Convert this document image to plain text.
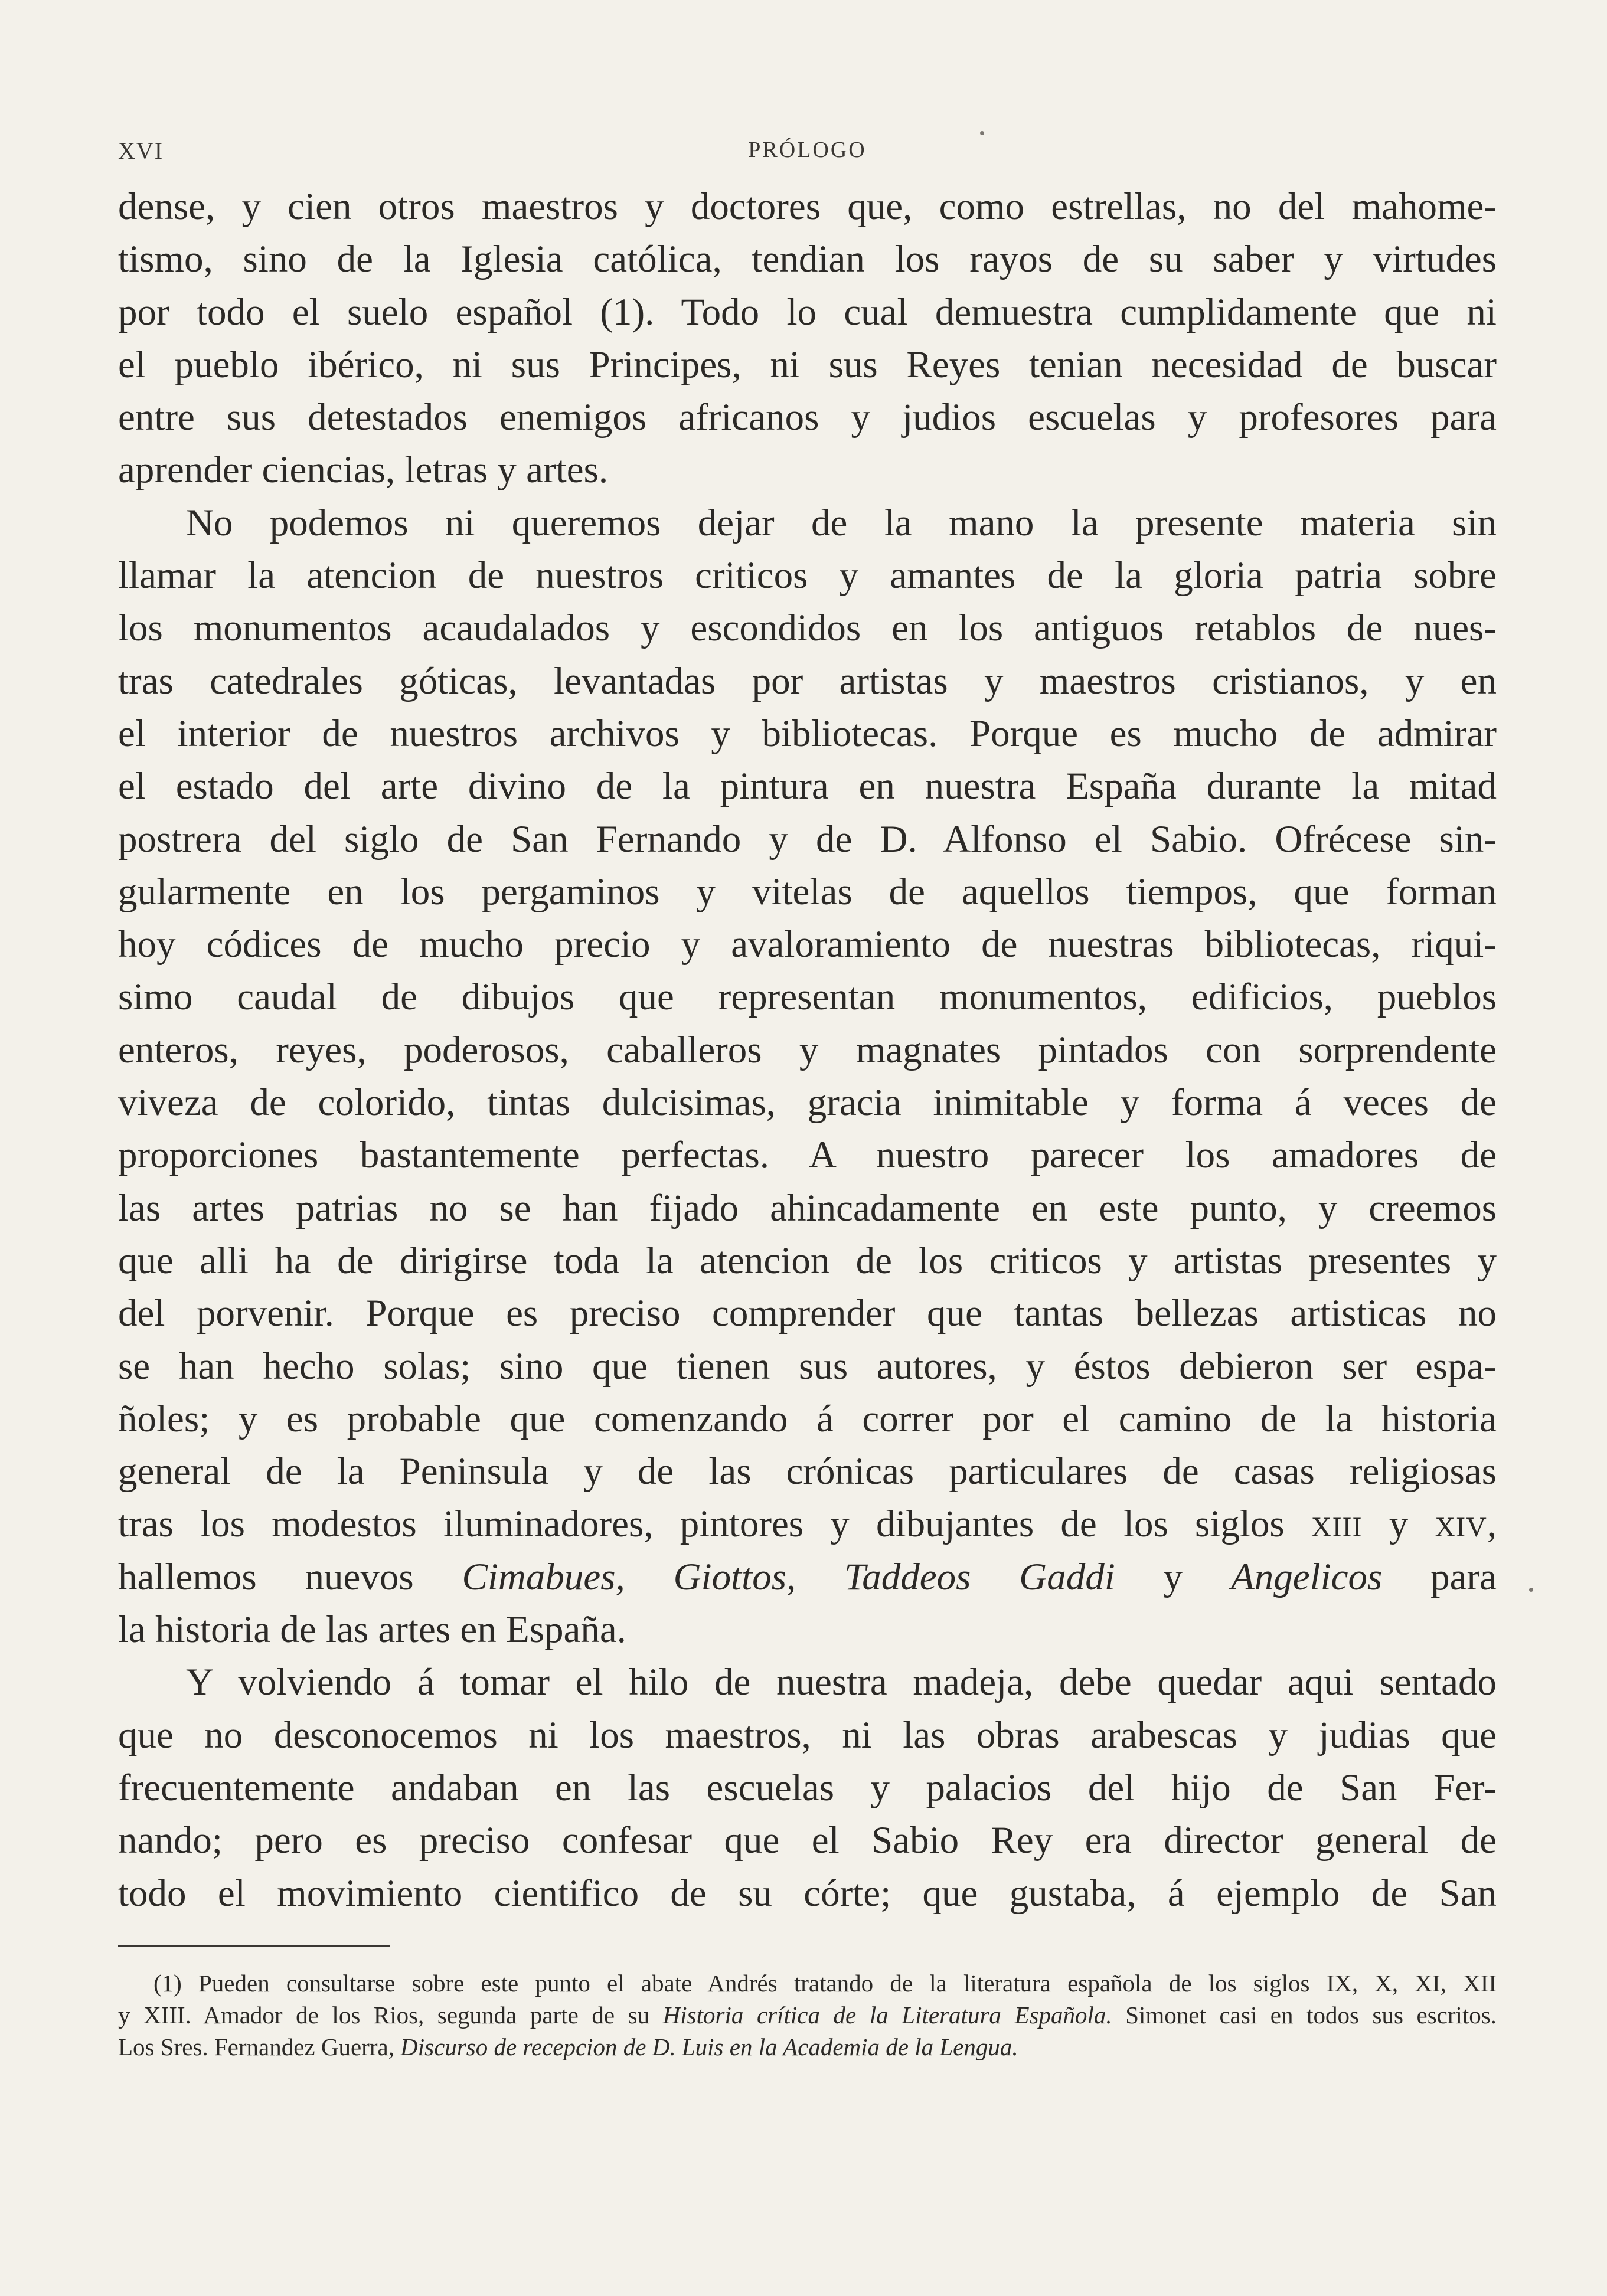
XVI	PRÓLOGO
dense, y cien otros maestros y doctores que, como estrellas, no del mahome-
tismo, sino de la Iglesia católica, tendian los rayos de su saber y virtudes
por todo el suelo español (1). Todo lo cual demuestra cumplidamente que ni
el pueblo ibérico, ni sus Principes, ni sus Reyes tenian necesidad de buscar
entre sus detestados enemigos africanos y judios escuelas y profesores para
aprender ciencias, letras y artes.
No podemos ni queremos dejar de la mano la presente materia sin
llamar la atencion de nuestros criticos y amantes de la gloria patria sobre
los monumentos acaudalados y escondidos en los antiguos retablos de nues-
tras catedrales góticas, levantadas por artistas y maestros cristianos, y en
el interior de nuestros archivos y bibliotecas. Porque es mucho de admirar
el estado del arte divino de la pintura en nuestra España durante la mitad
postrera del siglo de San Fernando y de D. Alfonso el Sabio. Ofrécese sin-
gularmente en los pergaminos y vitelas de aquellos tiempos, que forman
hoy códices de mucho precio y avaloramiento de nuestras bibliotecas, riqui-
simo caudal de dibujos que representan monumentos, edificios, pueblos
enteros, reyes, poderosos, caballeros y magnates pintados con sorprendente
viveza de colorido, tintas dulcisimas, gracia inimitable y forma á veces de
proporciones bastantemente perfectas. A nuestro parecer los amadores de
las artes patrias no se han fijado ahincadamente en este punto, y creemos
que alli ha de dirigirse toda la atencion de los criticos y artistas presentes y
del porvenir. Porque es preciso comprender que tantas bellezas artisticas no
se han hecho solas; sino que tienen sus autores, y éstos debieron ser espa-
ñoles; y es probable que comenzando á correr por el camino de la historia
general de la Peninsula y de las crónicas particulares de casas religiosas
tras los modestos iluminadores, pintores y dibujantes de los siglos XIII y XIV,
hallemos nuevos Cimabues, Giottos, Taddeos Gaddi y Angelicos para
la historia de las artes en España.
Y volviendo á tomar el hilo de nuestra madeja, debe quedar aqui sentado
que no desconocemos ni los maestros, ni las obras arabescas y judias que
frecuentemente andaban en las escuelas y palacios del hijo de San Fer-
nando; pero es preciso confesar que el Sabio Rey era director general de
todo el movimiento cientifico de su córte; que gustaba, á ejemplo de San
(1) Pueden consultarse sobre este punto el abate Andrés tratando de la literatura española de los siglos IX, X, XI, XII
y XIII. Amador de los Rios, segunda parte de su Historia crítica de la Literatura Española. Simonet casi en todos sus escritos.
Los Sres. Fernandez Guerra, Discurso de recepcion de D. Luis en la Academia de la Lengua.
